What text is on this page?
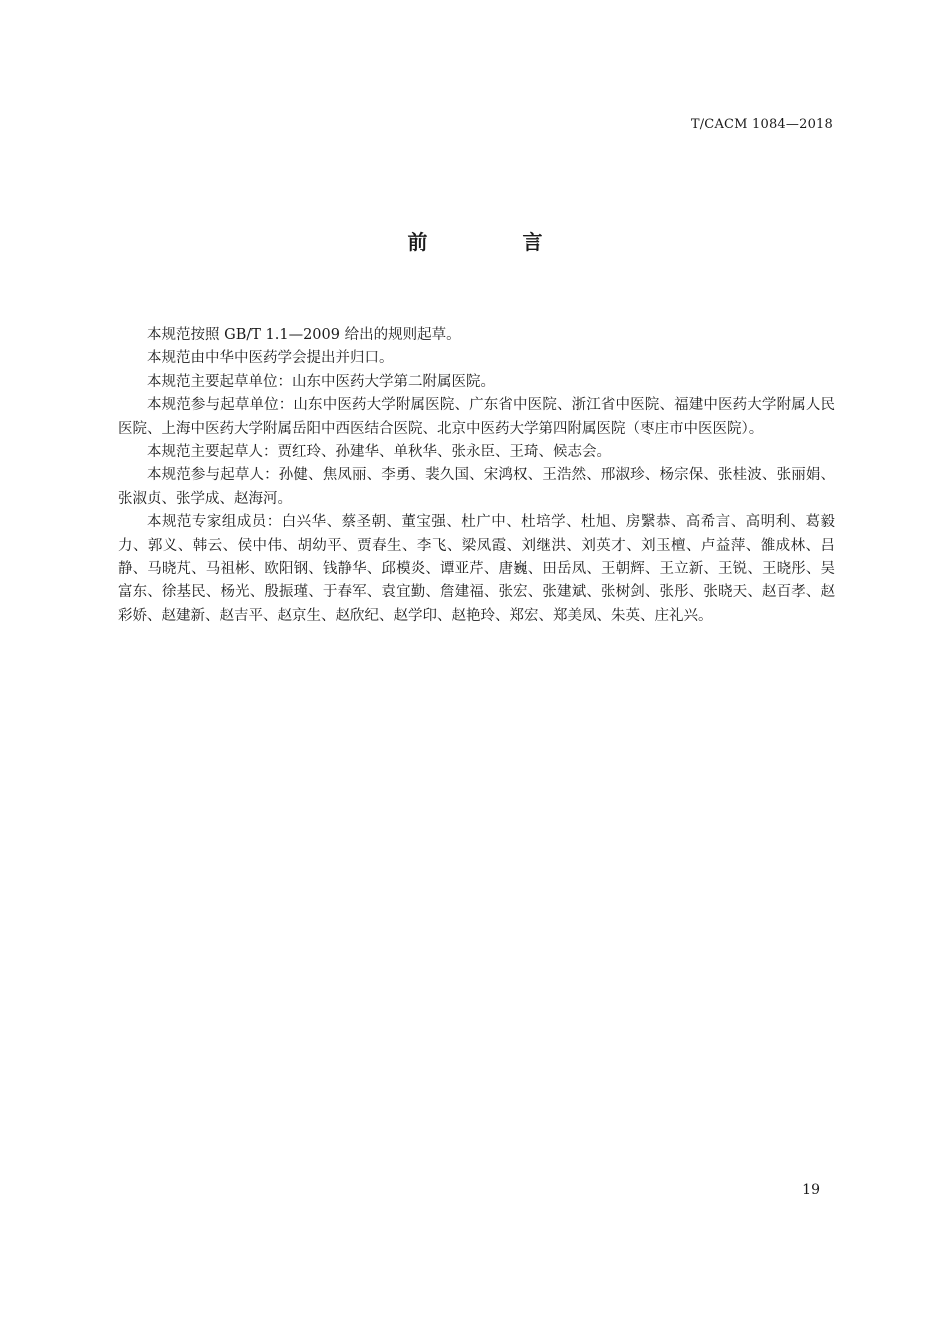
T/CACM 1084—2018
前 言

本规范按照 GB/T 1.1—2009 给出的规则起草。

本规范由中华中医药学会提出并归口。

本规范主要起草单位：山东中医药大学第二附属医院。

本规范参与起草单位：山东中医药大学附属医院、广东省中医院、浙江省中医院、福建中医药大学附属人民医院、上海中医药大学附属岳阳中西医结合医院、北京中医药大学第四附属医院（枣庄市中医医院）。

本规范主要起草人：贾红玲、孙建华、单秋华、张永臣、王琦、候志会。

本规范参与起草人：孙健、焦凤丽、李勇、裴久国、宋鸿权、王浩然、邢淑珍、杨宗保、张桂波、张丽娟、张淑贞、张学成、赵海河。

本规范专家组成员：白兴华、蔡圣朝、董宝强、杜广中、杜培学、杜旭、房繄恭、高希言、高明利、葛毅力、郭义、韩云、侯中伟、胡幼平、贾春生、李飞、梁凤霞、刘继洪、刘英才、刘玉檀、卢益萍、雒成林、吕静、马晓芃、马祖彬、欧阳钢、钱静华、邱模炎、谭亚芹、唐巍、田岳凤、王朝辉、王立新、王锐、王晓彤、吴富东、徐基民、杨光、殷振瑾、于春军、袁宜勤、詹建福、张宏、张建斌、张树剑、张彤、张晓天、赵百孝、赵彩娇、赵建新、赵吉平、赵京生、赵欣纪、赵学印、赵艳玲、郑宏、郑美凤、朱英、庄礼兴。

19
